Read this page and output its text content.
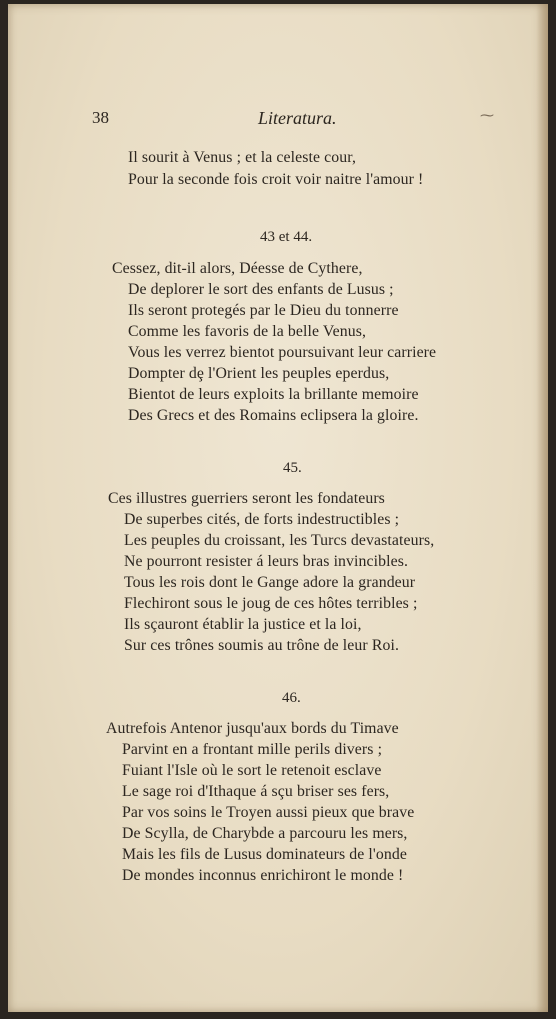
38	Literatura.	⁓
Il sourit à Venus ; et la celeste cour,
Pour la seconde fois croit voir naitre l'amour !
43 et 44.
Cessez, dit-il alors, Déesse de Cythere,
De deplorer le sort des enfants de Lusus ;
Ils seront protegés par le Dieu du tonnerre
Comme les favoris de la belle Venus,
Vous les verrez bientot poursuivant leur carriere
Dompter dȩ l'Orient les peuples eperdus,
Bientot de leurs exploits la brillante memoire
Des Grecs et des Romains eclipsera la gloire.
45.
Ces illustres guerriers seront les fondateurs
De superbes cités, de forts indestructibles ;
Les peuples du croissant, les Turcs devastateurs,
Ne pourront resister á leurs bras invincibles.
Tous les rois dont le Gange adore la grandeur
Flechiront sous le joug de ces hôtes terribles ;
Ils sçauront établir la justice et la loi,
Sur ces trônes soumis au trône de leur Roi.
46.
Autrefois Antenor jusqu'aux bords du Timave
Parvint en a frontant mille perils divers ;
Fuiant l'Isle où le sort le retenoit esclave
Le sage roi d'Ithaque á sçu briser ses fers,
Par vos soins le Troyen aussi pieux que brave
De Scylla, de Charybde a parcouru les mers,
Mais les fils de Lusus dominateurs de l'onde
De mondes inconnus enrichiront le monde !
